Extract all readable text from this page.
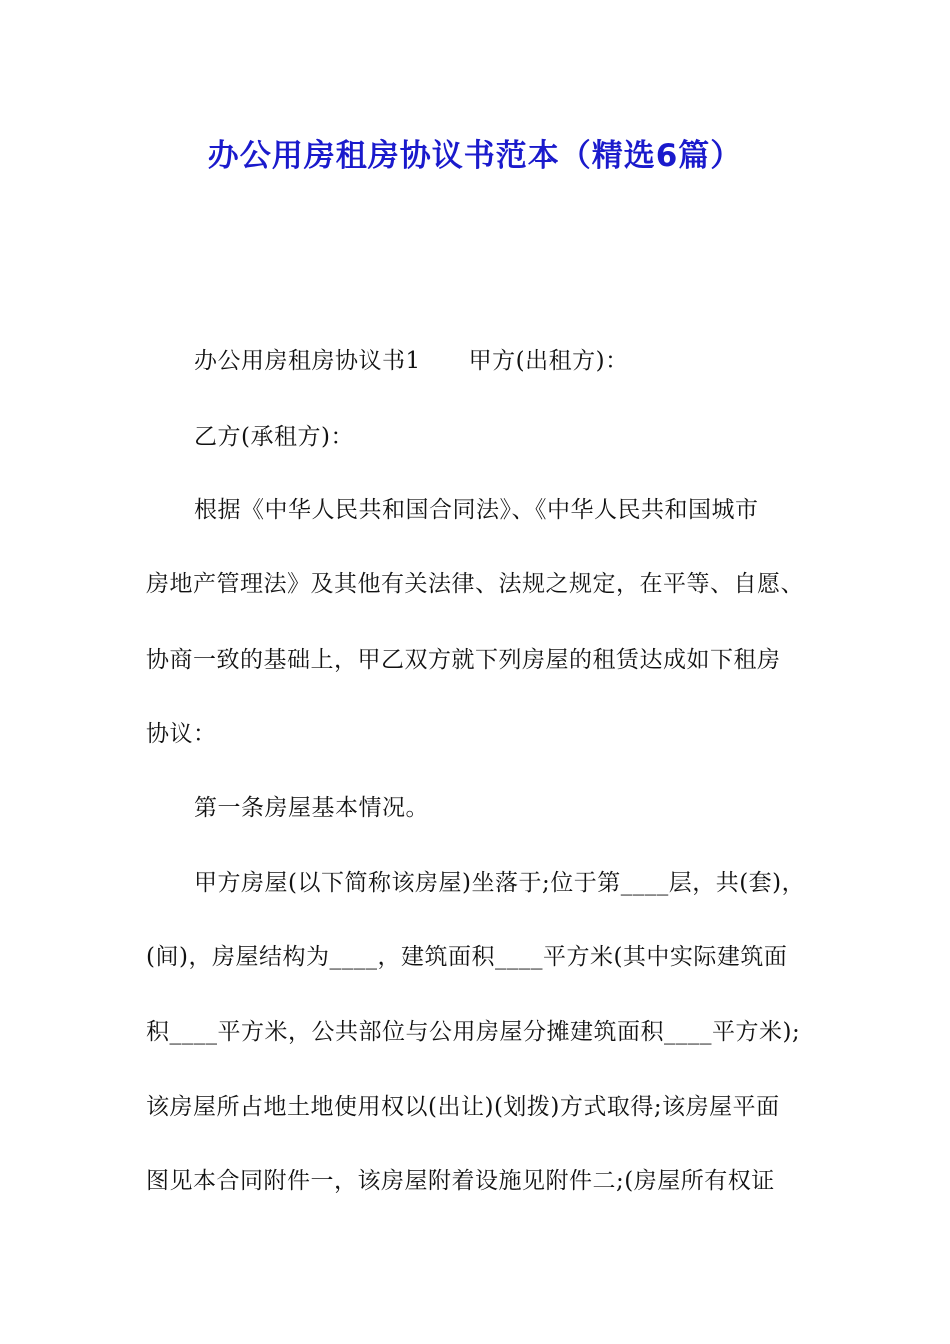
办公用房租房协议书范本（精选6篇）
办公用房租房协议书1 甲方(出租方)：
乙方(承租方)：
根据《中华人民共和国合同法》、《中华人民共和国城市
房地产管理法》及其他有关法律、法规之规定，在平等、自愿、
协商一致的基础上，甲乙双方就下列房屋的租赁达成如下租房
协议：
第一条房屋基本情况。
甲方房屋(以下简称该房屋)坐落于;位于第____层，共(套)，
(间)，房屋结构为____，建筑面积____平方米(其中实际建筑面
积____平方米，公共部位与公用房屋分摊建筑面积____平方米);
该房屋所占地土地使用权以(出让)(划拨)方式取得;该房屋平面
图见本合同附件一，该房屋附着设施见附件二;(房屋所有权证
